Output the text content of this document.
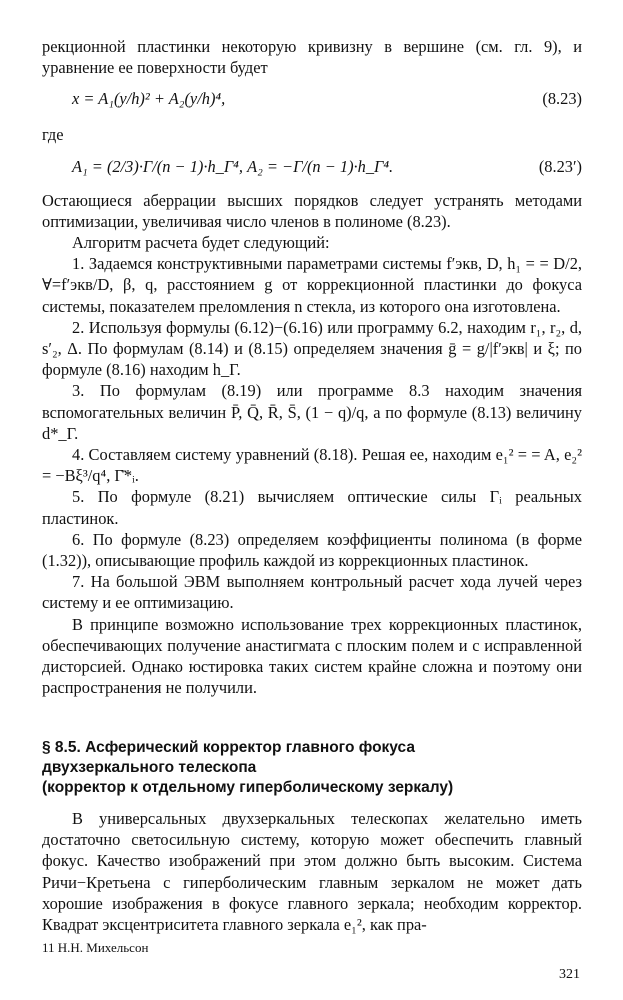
рекционной пластинки некоторую кривизну в вершине (см. гл. 9), и уравнение ее поверхности будет

x = A₁(y/h)² + A₂(y/h)⁴,	(8.23)

где

A₁ = (2/3)·Γ/(n − 1)·h_Γ⁴, A₂ = −Γ/(n − 1)·h_Γ⁴.	(8.23′)

Остающиеся аберрации высших порядков следует устранять методами оптимизации, увеличивая число членов в полиноме (8.23).

Алгоритм расчета будет следующий:

1. Задаемся конструктивными параметрами системы f′экв, D, h₁ = = D/2, ∀=f′экв/D, β, q, расстоянием g от коррекционной пластинки до фокуса системы, показателем преломления n стекла, из которого она изготовлена.

2. Используя формулы (6.12)−(6.16) или программу 6.2, находим r₁, r₂, d, s′₂, Δ. По формулам (8.14) и (8.15) определяем значения ḡ = g/|f′экв| и ξ; по формуле (8.16) находим h_Γ.

3. По формулам (8.19) или программе 8.3 находим значения вспомогательных величин P̄, Q̄, R̄, S̄, (1 − q)/q, а по формуле (8.13) величину d*_Γ.

4. Составляем систему уравнений (8.18). Решая ее, находим e₁² = = A, e₂² = −Bξ³/q⁴, Γ̄*ᵢ.

5. По формуле (8.21) вычисляем оптические силы Γᵢ реальных пластинок.

6. По формуле (8.23) определяем коэффициенты полинома (в форме (1.32)), описывающие профиль каждой из коррекционных пластинок.

7. На большой ЭВМ выполняем контрольный расчет хода лучей через систему и ее оптимизацию.

В принципе возможно использование трех коррекционных пластинок, обеспечивающих получение анастигмата с плоским полем и с исправленной дисторсией. Однако юстировка таких систем крайне сложна и поэтому они распространения не получили.

§ 8.5. Асферический корректор главного фокуса
двухзеркального телескопа
(корректор к отдельному гиперболическому зеркалу)

В универсальных двухзеркальных телескопах желательно иметь достаточно светосильную систему, которую может обеспечить главный фокус. Качество изображений при этом должно быть высоким. Система Ричи−Кретьена с гиперболическим главным зеркалом не может дать хорошие изображения в фокусе главного зеркала; необходим корректор. Квадрат эксцентриситета главного зеркала e₁², как пра-

11 Н.Н. Михельсон
321
